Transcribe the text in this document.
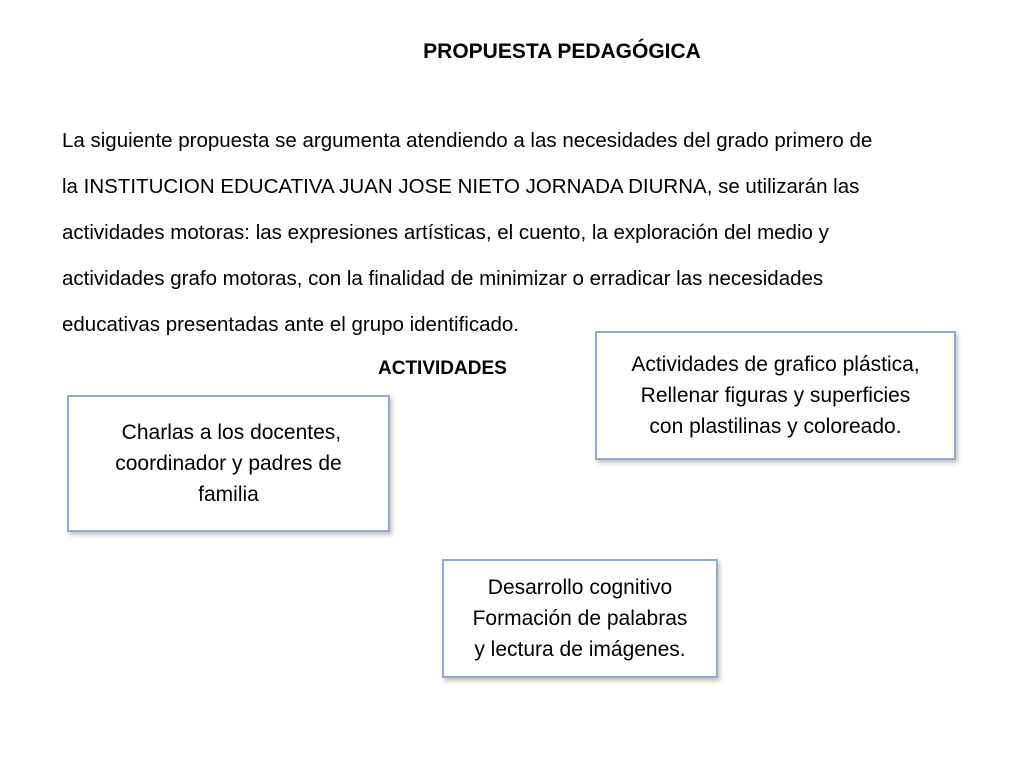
PROPUESTA PEDAGÓGICA

La siguiente propuesta se argumenta atendiendo a las necesidades del grado primero de
la INSTITUCION EDUCATIVA JUAN JOSE NIETO JORNADA DIURNA, se utilizarán las
actividades motoras: las expresiones artísticas, el cuento, la exploración del medio y
actividades grafo motoras, con la finalidad de minimizar o erradicar las necesidades
educativas presentadas ante el grupo identificado.

ACTIVIDADES
Charlas a los docentes,
coordinador y padres de
familia
Actividades de grafico plástica,
Rellenar figuras y superficies
con plastilinas y coloreado.
Desarrollo cognitivo
Formación de palabras
y lectura de imágenes.
